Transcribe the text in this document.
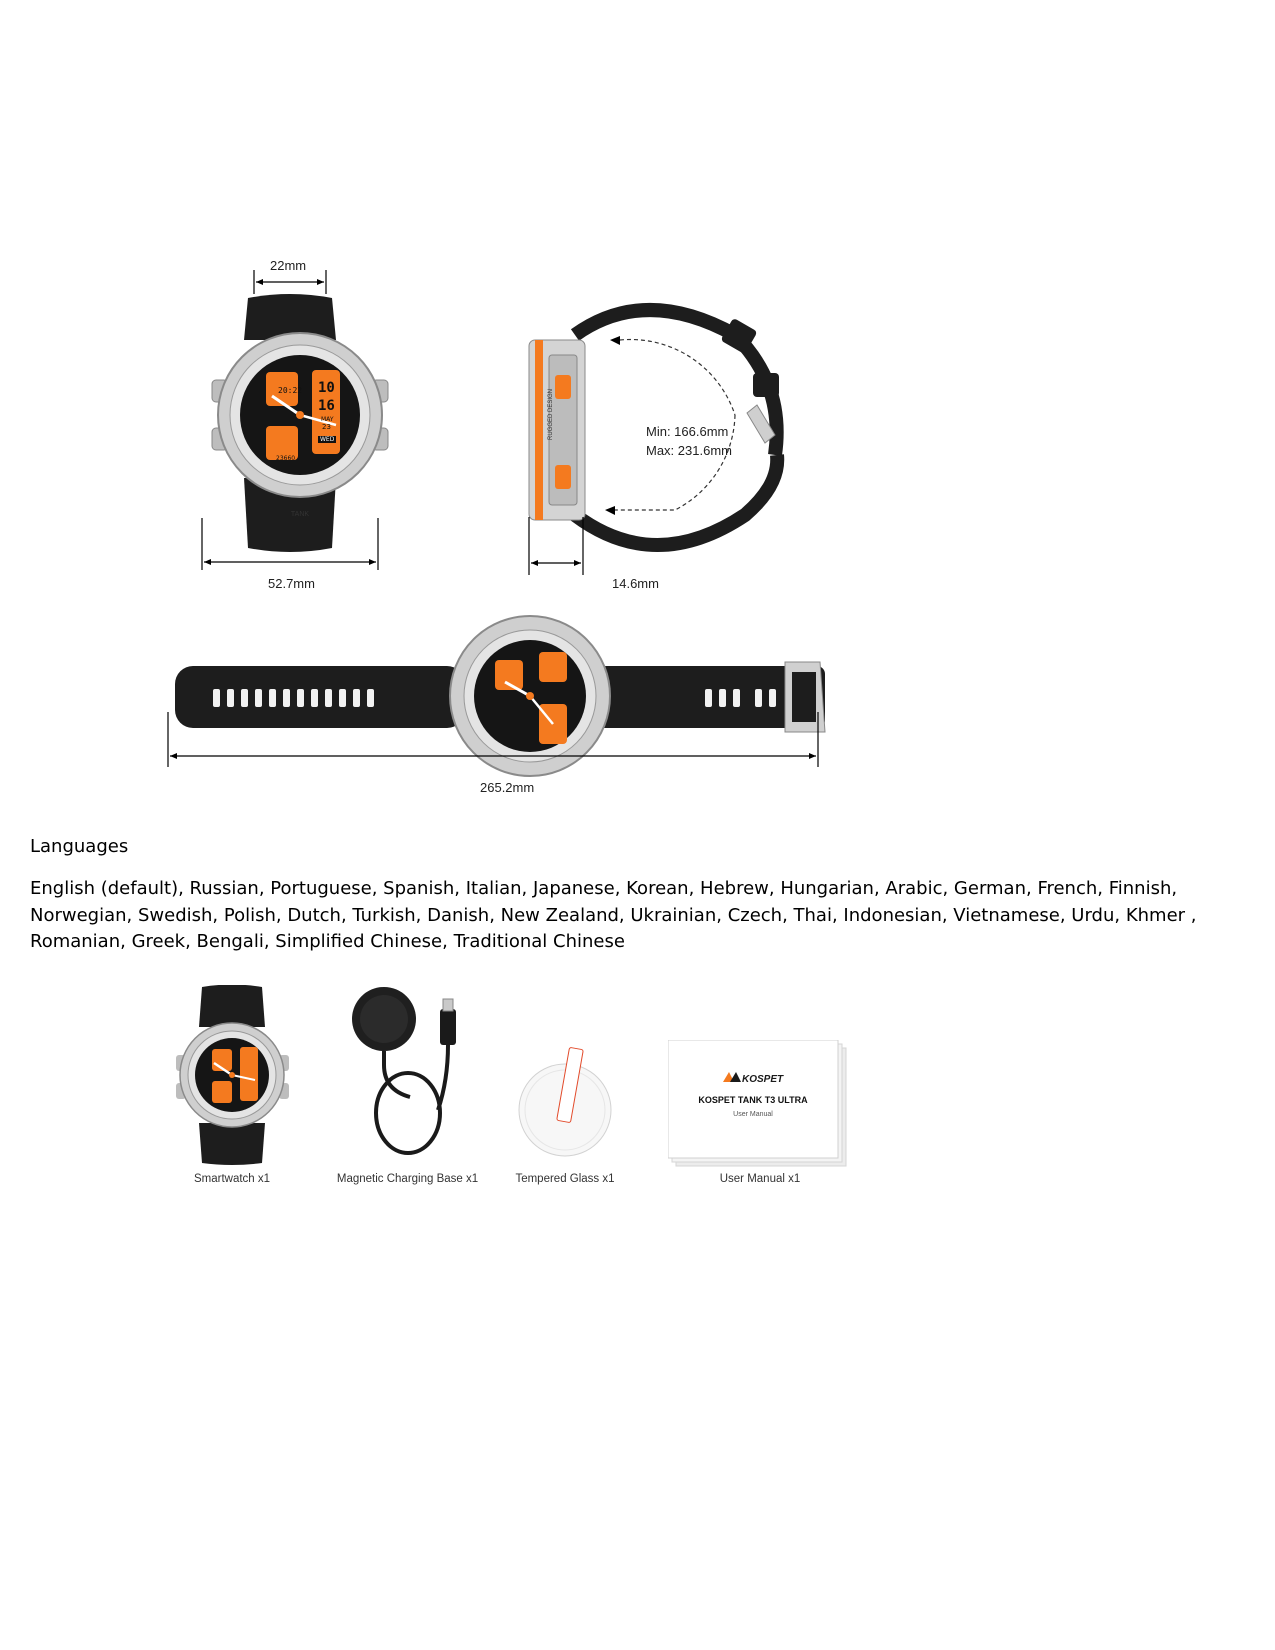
TANK
22mm
52.7mm
20:22 10
16
MAY
23
WED
23660
RUGGED DESIGN	Min: 166.6mm
Max: 231.6mm
14.6mm
265.2mm
Languages
English (default), Russian, Portuguese, Spanish, Italian, Japanese, Korean, Hebrew, Hungarian, Arabic, German, French, Finnish,
Norwegian, Swedish, Polish, Dutch, Turkish, Danish, New Zealand, Ukrainian, Czech, Thai, Indonesian, Vietnamese, Urdu, Khmer ,
Romanian, Greek, Bengali, Simplified Chinese, Traditional Chinese
KOSPET
KOSPET TANK T3 ULTRA
User Manual
Smartwatch x1	Magnetic Charging Base x1	Tempered Glass x1	User Manual x1
